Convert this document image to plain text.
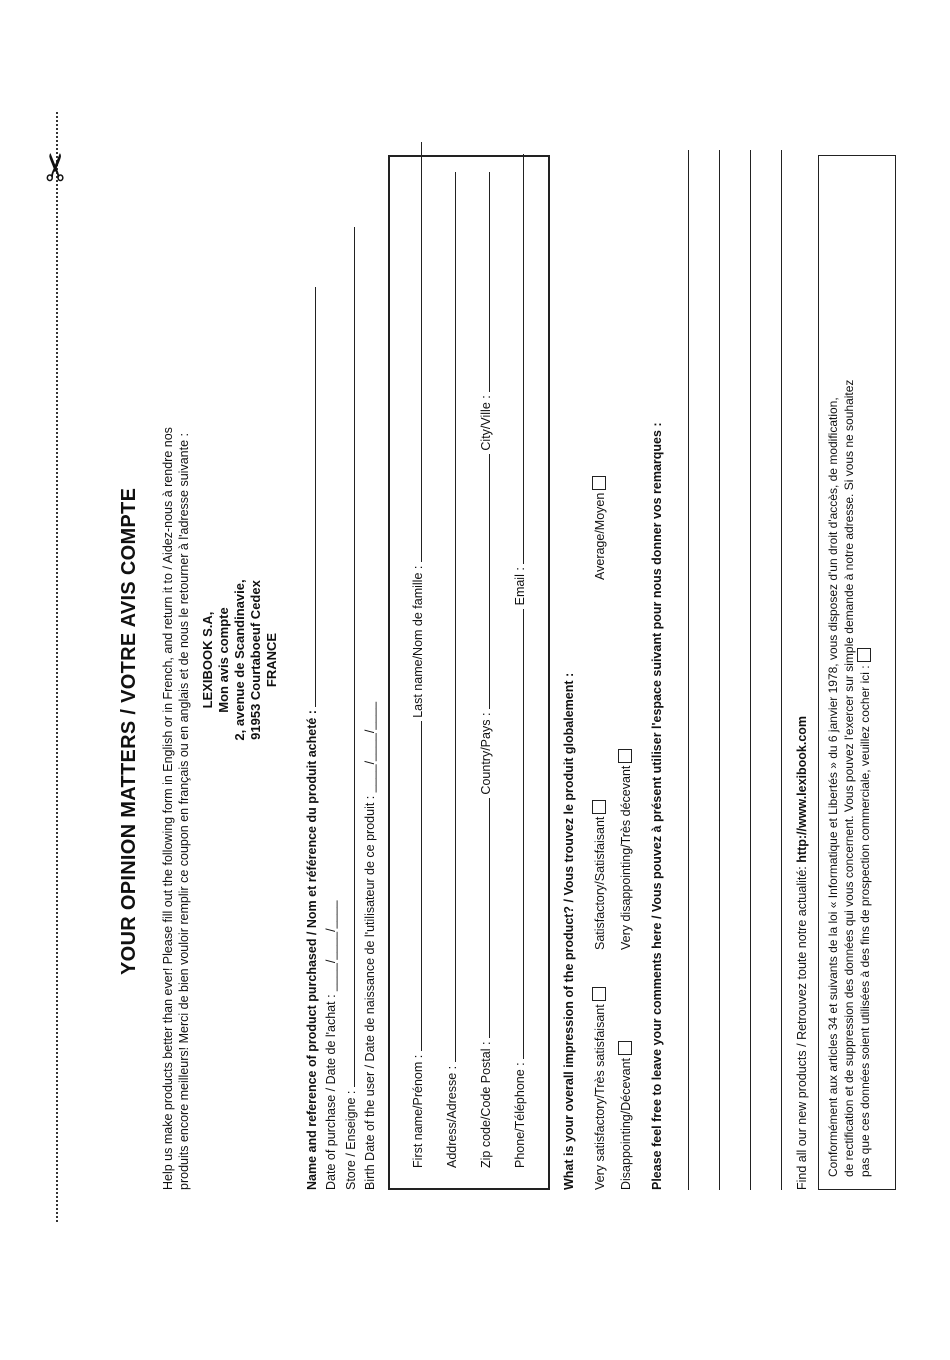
✂
YOUR OPINION MATTERS / VOTRE AVIS COMPTE Help us make products better than ever! Please fill out the following form in English or in French, and return it to / Aidez-nous à rendre nos produits encore meilleurs! Merci de bien vouloir remplir ce coupon en français ou en anglais et de nous le retourner à l'adresse suivante : LEXIBOOK S.A, Mon avis compte 2, avenue de Scandinavie, 91953 Courtaboeuf Cedex FRANCE
Name and reference of product purchased / Nom et référence du produit acheté : Date of purchase / Date de l'achat : ____/____/____
Store / Enseigne : Birth Date of the user / Date de naissance de l'utilisateur de ce produit : ____/____/____
First name/Prénom :  Last name/Nom de famille :
Address/Adresse : Zip code/Code Postal :  Country/Pays :  City/Ville :
Phone/Téléphone :  Email :
What is your overall impression of the product? / Vous trouvez le produit globalement : Very satisfactory/Très satisfaisant
Satisfactory/Satisfaisant
Average/Moyen
Disappointing/Décevant
Very disappointing/Très décevant Please feel free to leave your comments here / Vous pouvez à présent utiliser l'espace suivant pour nous donner vos remarques :	Find all our new products / Retrouvez toute notre actualité: http://www.lexibook.com Conformément aux articles 34 et suivants de la loi « Informatique et Libertés » du 6 janvier 1978, vous disposez d'un droit d'accès, de modification, de rectification et de suppression des données qui vous concernent. Vous pouvez l'exercer sur simple demande à notre adresse. Si vous ne souhaitez pas que ces données soient utilisées à des fins de prospection commerciale, veuillez cocher ici :
